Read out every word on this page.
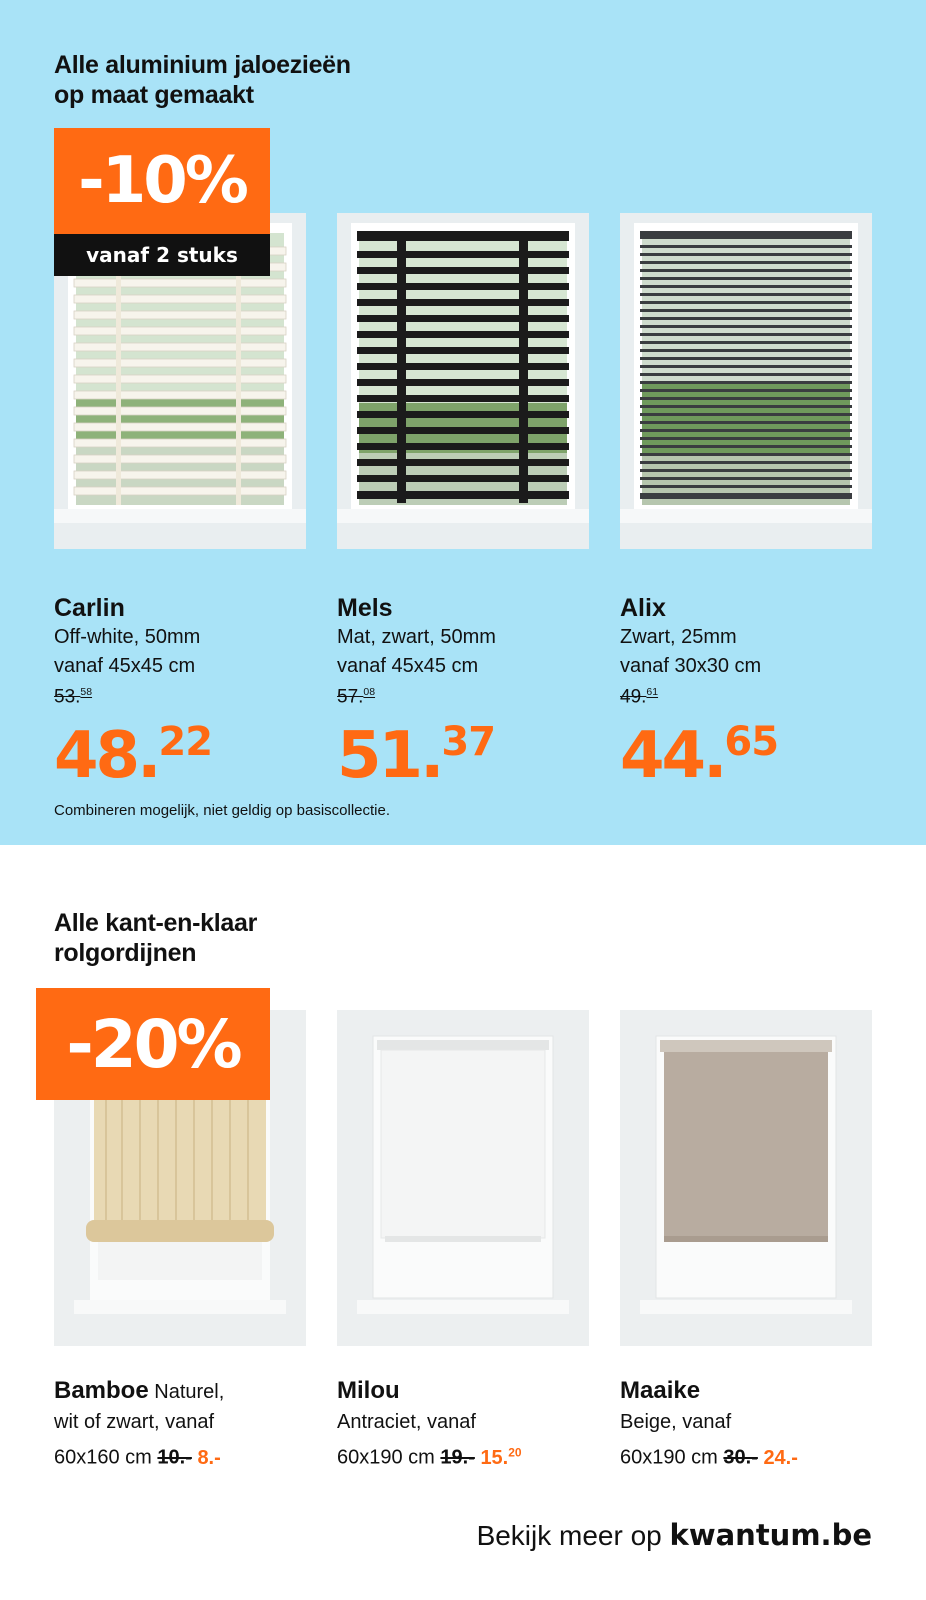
Alle aluminium jaloezieën
op maat gemaakt
-10%
vanaf 2 stuks
Carlin
Off-white, 50mm
vanaf 45x45 cm
53.58
48.22
Mels
Mat, zwart, 50mm
vanaf 45x45 cm
57.08
51.37
Alix
Zwart, 25mm
vanaf 30x30 cm
49.61
44.65
Combineren mogelijk, niet geldig op basiscollectie.
Alle kant-en-klaar
rolgordijnen
-20%
Bamboe Naturel,
wit of zwart, vanaf
60x160 cm 10.- 8.-
Milou
Antraciet, vanaf
60x190 cm 19.- 15.20
Maaike
Beige, vanaf
60x190 cm 30.- 24.-
Bekijk meer op kwantum.be
